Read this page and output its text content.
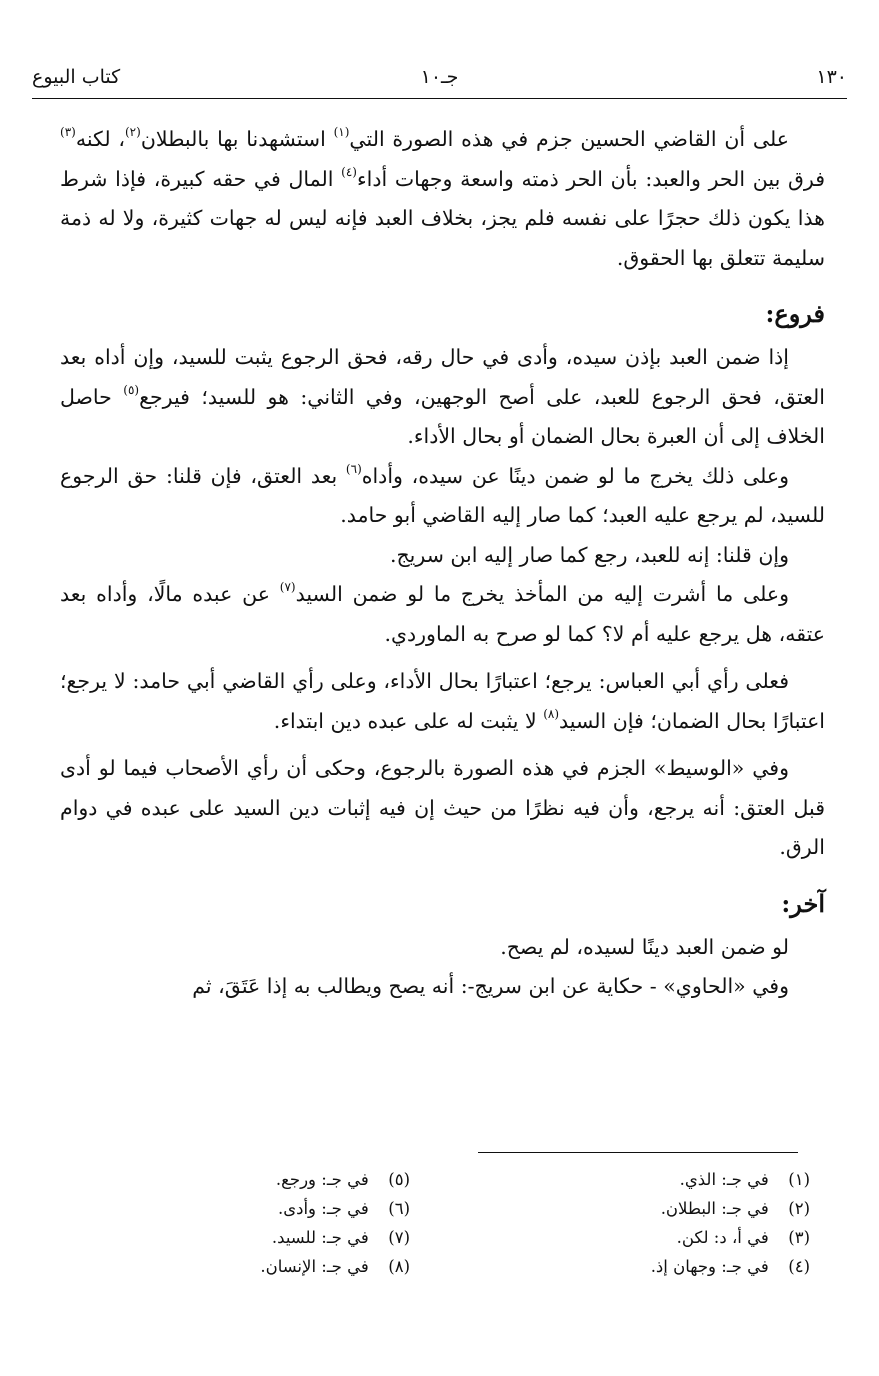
١٣٠
جـ١٠
كتاب البيوع

على أن القاضي الحسين جزم في هذه الصورة التي$^{(١)}$ استشهدنا بها بالبطلان$^{(٢)}$، لكنه$^{(٣)}$ فرق بين الحر والعبد: بأن الحر ذمته واسعة وجهات أداء$^{(٤)}$ المال في حقه كبيرة، فإذا شرط هذا يكون ذلك حجرًا على نفسه فلم يجز، بخلاف العبد فإنه ليس له جهات كثيرة، ولا له ذمة سليمة تتعلق بها الحقوق.

فروع:

إذا ضمن العبد بإذن سيده، وأدى في حال رقه، فحق الرجوع يثبت للسيد، وإن أداه بعد العتق، فحق الرجوع للعبد، على أصح الوجهين، وفي الثاني: هو للسيد؛ فيرجع$^{(٥)}$ حاصل الخلاف إلى أن العبرة بحال الضمان أو بحال الأداء.

وعلى ذلك يخرج ما لو ضمن دينًا عن سيده، وأداه$^{(٦)}$ بعد العتق، فإن قلنا: حق الرجوع للسيد، لم يرجع عليه العبد؛ كما صار إليه القاضي أبو حامد.

وإن قلنا: إنه للعبد، رجع كما صار إليه ابن سريج.

وعلى ما أشرت إليه من المأخذ يخرج ما لو ضمن السيد$^{(٧)}$ عن عبده مالًا، وأداه بعد عتقه، هل يرجع عليه أم لا؟ كما لو صرح به الماوردي.

فعلى رأي أبي العباس: يرجع؛ اعتبارًا بحال الأداء، وعلى رأي القاضي أبي حامد: لا يرجع؛ اعتبارًا بحال الضمان؛ فإن السيد$^{(٨)}$ لا يثبت له على عبده دين ابتداء.

وفي «الوسيط» الجزم في هذه الصورة بالرجوع، وحكى أن رأي الأصحاب فيما لو أدى قبل العتق: أنه يرجع، وأن فيه نظرًا من حيث إن فيه إثبات دين السيد على عبده في دوام الرق.

آخر:

لو ضمن العبد دينًا لسيده، لم يصح.

وفي «الحاوي» - حكاية عن ابن سريج-: أنه يصح ويطالب به إذا عَتَقَ، ثم

(١) في جـ: الذي.
(٢) في جـ: البطلان.
(٣) في أ، د: لكن.
(٤) في جـ: وجهان إذ.
(٥) في جـ: ورجع.
(٦) في جـ: وأدى.
(٧) في جـ: للسيد.
(٨) في جـ: الإنسان.
